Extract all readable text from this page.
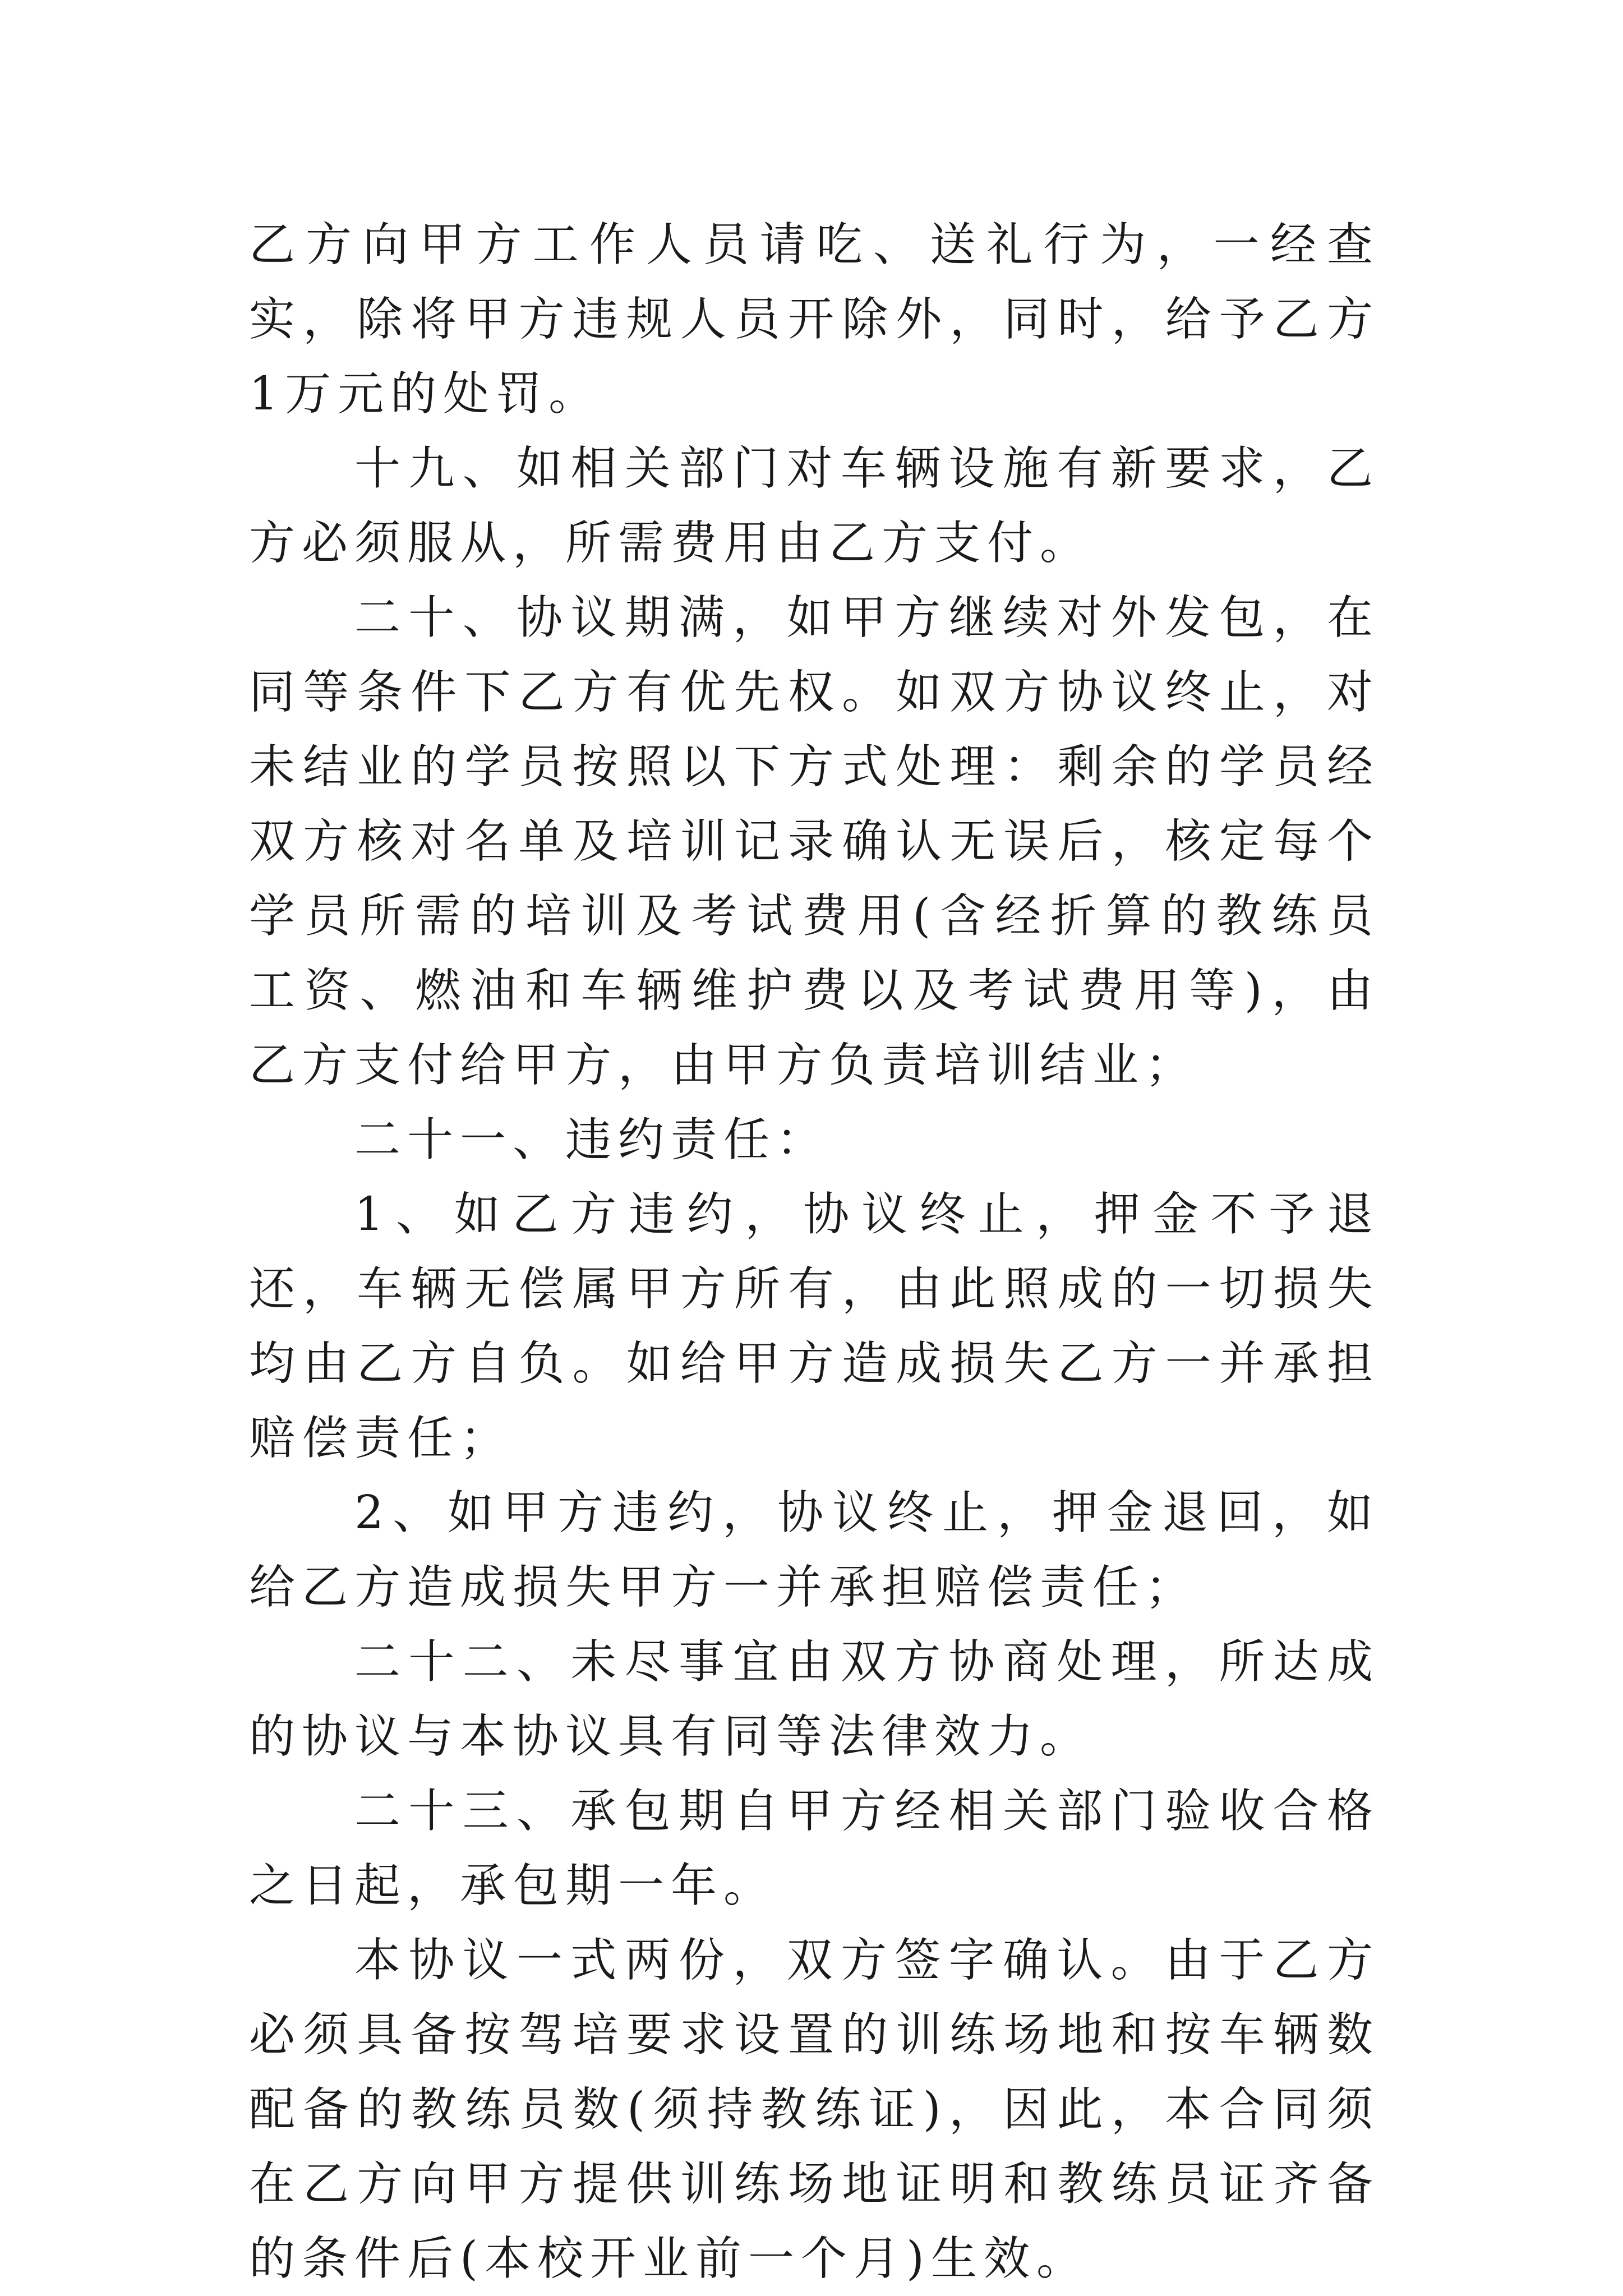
乙方向甲方工作人员请吃、送礼行为，一经查实，除将甲方违规人员开除外，同时，给予乙方1万元的处罚。

十九、如相关部门对车辆设施有新要求，乙方必须服从，所需费用由乙方支付。

二十、协议期满，如甲方继续对外发包，在同等条件下乙方有优先权。如双方协议终止，对未结业的学员按照以下方式处理：剩余的学员经双方核对名单及培训记录确认无误后，核定每个学员所需的培训及考试费用(含经折算的教练员工资、燃油和车辆维护费以及考试费用等)，由乙方支付给甲方，由甲方负责培训结业；

二十一、违约责任：

1、如乙方违约，协议终止，押金不予退还，车辆无偿属甲方所有，由此照成的一切损失均由乙方自负。如给甲方造成损失乙方一并承担赔偿责任；

2、如甲方违约，协议终止，押金退回，如给乙方造成损失甲方一并承担赔偿责任；

二十二、未尽事宜由双方协商处理，所达成的协议与本协议具有同等法律效力。

二十三、承包期自甲方经相关部门验收合格之日起，承包期一年。

本协议一式两份，双方签字确认。由于乙方必须具备按驾培要求设置的训练场地和按车辆数配备的教练员数(须持教练证)，因此，本合同须在乙方向甲方提供训练场地证明和教练员证齐备的条件后(本校开业前一个月)生效。
